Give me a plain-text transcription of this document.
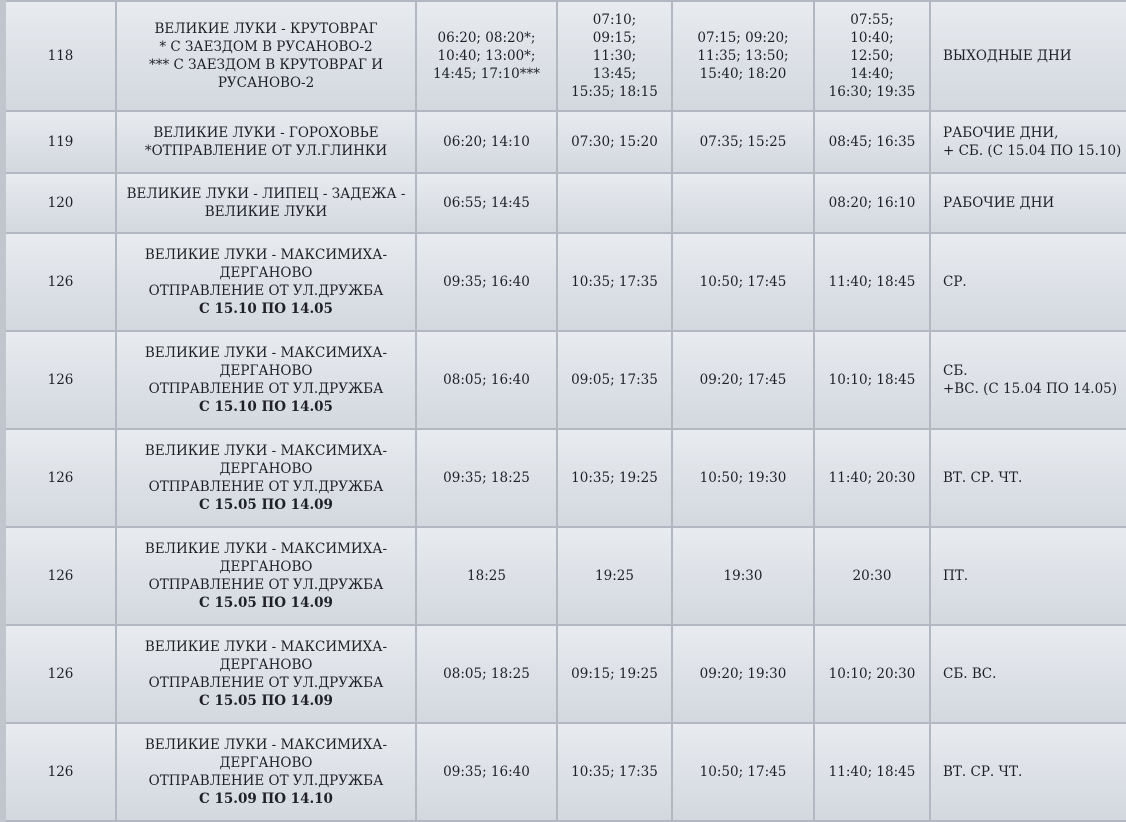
118	ВЕЛИКИЕ ЛУКИ - КРУТОВРАГ
* С ЗАЕЗДОМ В РУСАНОВО-2
*** С ЗАЕЗДОМ В КРУТОВРАГ И
РУСАНОВО-2	06:20; 08:20*;
10:40; 13:00*;
14:45; 17:10***	07:10;
09:15;
11:30;
13:45;
15:35; 18:15	07:15; 09:20;
11:35; 13:50;
15:40; 18:20	07:55;
10:40;
12:50;
14:40;
16:30; 19:35	ВЫХОДНЫЕ ДНИ

119	ВЕЛИКИЕ ЛУКИ - ГОРОХОВЬЕ
*ОТПРАВЛЕНИЕ ОТ УЛ.ГЛИНКИ	06:20; 14:10	07:30; 15:20	07:35; 15:25	08:45; 16:35	РАБОЧИЕ ДНИ,
+ СБ. (С 15.04 ПО 15.10)

120	ВЕЛИКИЕ ЛУКИ - ЛИПЕЦ - ЗАДЕЖА -
ВЕЛИКИЕ ЛУКИ	06:55; 14:45			08:20; 16:10	РАБОЧИЕ ДНИ

126	ВЕЛИКИЕ ЛУКИ - МАКСИМИХА-
ДЕРГАНОВО
ОТПРАВЛЕНИЕ ОТ УЛ.ДРУЖБА
С 15.10 ПО 14.05	09:35; 16:40	10:35; 17:35	10:50; 17:45	11:40; 18:45	СР.

126	ВЕЛИКИЕ ЛУКИ - МАКСИМИХА-
ДЕРГАНОВО
ОТПРАВЛЕНИЕ ОТ УЛ.ДРУЖБА
С 15.10 ПО 14.05	08:05; 16:40	09:05; 17:35	09:20; 17:45	10:10; 18:45	СБ.
+ВС. (С 15.04 ПО 14.05)

126	ВЕЛИКИЕ ЛУКИ - МАКСИМИХА-
ДЕРГАНОВО
ОТПРАВЛЕНИЕ ОТ УЛ.ДРУЖБА
С 15.05 ПО 14.09	09:35; 18:25	10:35; 19:25	10:50; 19:30	11:40; 20:30	ВТ. СР. ЧТ.

126	ВЕЛИКИЕ ЛУКИ - МАКСИМИХА-
ДЕРГАНОВО
ОТПРАВЛЕНИЕ ОТ УЛ.ДРУЖБА
С 15.05 ПО 14.09	18:25	19:25	19:30	20:30	ПТ.

126	ВЕЛИКИЕ ЛУКИ - МАКСИМИХА-
ДЕРГАНОВО
ОТПРАВЛЕНИЕ ОТ УЛ.ДРУЖБА
С 15.05 ПО 14.09	08:05; 18:25	09:15; 19:25	09:20; 19:30	10:10; 20:30	СБ. ВС.

126	ВЕЛИКИЕ ЛУКИ - МАКСИМИХА-
ДЕРГАНОВО
ОТПРАВЛЕНИЕ ОТ УЛ.ДРУЖБА
С 15.09 ПО 14.10	09:35; 16:40	10:35; 17:35	10:50; 17:45	11:40; 18:45	ВТ. СР. ЧТ.
